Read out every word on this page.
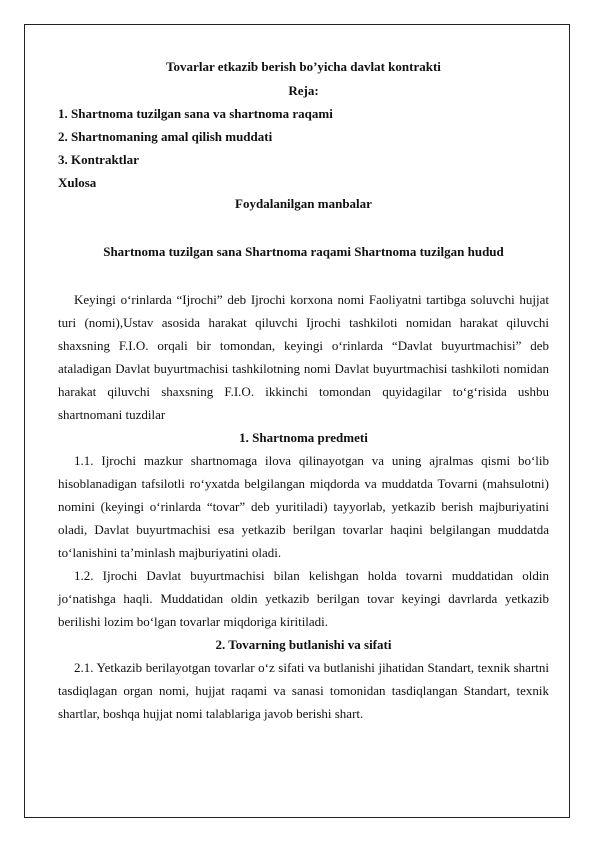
Tovarlar etkazib berish bo’yicha davlat kontrakti
Reja:
1. Shartnoma tuzilgan sana va shartnoma raqami
2. Shartnomaning amal qilish muddati
3. Kontraktlar
Xulosa
Foydalanilgan manbalar
Shartnoma tuzilgan sana Shartnoma raqami Shartnoma tuzilgan hudud

Keyingi o‘rinlarda “Ijrochi” deb Ijrochi korxona nomi Faoliyatni tartibga soluvchi hujjat turi (nomi),Ustav asosida harakat qiluvchi Ijrochi tashkiloti nomidan harakat qiluvchi shaxsning F.I.O. orqali bir tomondan, keyingi o‘rinlarda “Davlat buyurtmachisi” deb ataladigan Davlat buyurtmachisi tashkilotning nomi Davlat buyurtmachisi tashkiloti nomidan harakat qiluvchi shaxsning F.I.O. ikkinchi tomondan quyidagilar to‘g‘risida ushbu shartnomani tuzdilar

1. Shartnoma predmeti

1.1. Ijrochi mazkur shartnomaga ilova qilinayotgan va uning ajralmas qismi bo‘lib hisoblanadigan tafsilotli ro‘yxatda belgilangan miqdorda va muddatda Tovarni (mahsulotni) nomini (keyingi o‘rinlarda “tovar” deb yuritiladi) tayyorlab, yetkazib berish majburiyatini oladi, Davlat buyurtmachisi esa yetkazib berilgan tovarlar haqini belgilangan muddatda to‘lanishini ta’minlash majburiyatini oladi.

1.2. Ijrochi Davlat buyurtmachisi bilan kelishgan holda tovarni muddatidan oldin jo‘natishga haqli. Muddatidan oldin yetkazib berilgan tovar keyingi davrlarda yetkazib berilishi lozim bo‘lgan tovarlar miqdoriga kiritiladi.

2. Tovarning butlanishi va sifati

2.1. Yetkazib berilayotgan tovarlar o‘z sifati va butlanishi jihatidan Standart, texnik shartni tasdiqlagan organ nomi, hujjat raqami va sanasi tomonidan tasdiqlangan Standart, texnik shartlar, boshqa hujjat nomi talablariga javob berishi shart.
